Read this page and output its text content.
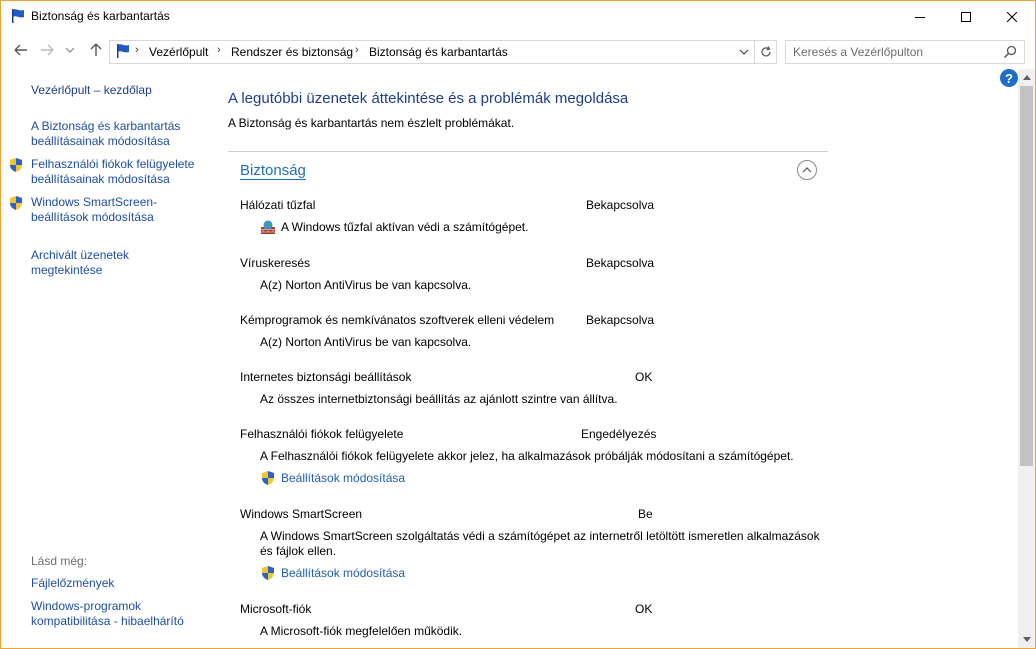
Biztonság és karbantartás
› Vezérlőpult › Rendszer és biztonság › Biztonság és karbantartás
Keresés a Vezérlőpulton
?
Vezérlőpult – kezdőlap
A Biztonság és karbantartás beállításainak módosítása
Felhasználói fiókok felügyelete beállításainak módosítása
Windows SmartScreen-beállítások módosítása
Archivált üzenetek megtekintése
Lásd még:
Fájlelőzmények
Windows-programok kompatibilitása - hibaelhárító
A legutóbbi üzenetek áttekintése és a problémák megoldása
A Biztonság és karbantartás nem észlelt problémákat.
Biztonság
Hálózati tűzfal	Bekapcsolva
A Windows tűzfal aktívan védi a számítógépet.
Víruskeresés	Bekapcsolva
A(z) Norton AntiVirus be van kapcsolva.
Kémprogramok és nemkívánatos szoftverek elleni védelem	Bekapcsolva
A(z) Norton AntiVirus be van kapcsolva.
Internetes biztonsági beállítások	OK
Az összes internetbiztonsági beállítás az ajánlott szintre van állítva.
Felhasználói fiókok felügyelete	Engedélyezés
A Felhasználói fiókok felügyelete akkor jelez, ha alkalmazások próbálják módosítani a számítógépet.
Beállítások módosítása
Windows SmartScreen	Be
A Windows SmartScreen szolgáltatás védi a számítógépet az internetről letöltött ismeretlen alkalmazások és fájlok ellen.
Beállítások módosítása
Microsoft-fiók	OK
A Microsoft-fiók megfelelően működik.
